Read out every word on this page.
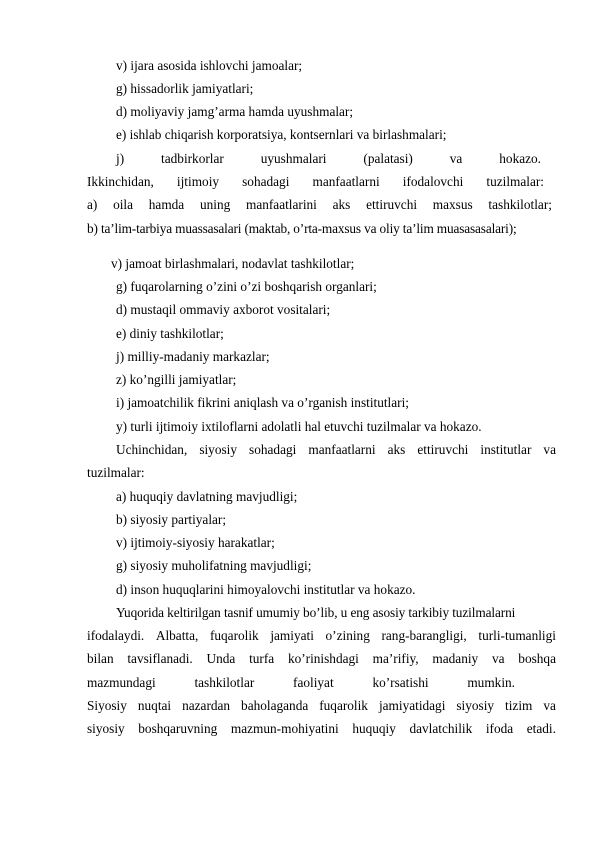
v) ijara asosida ishlovchi jamoalar;
g) hissadorlik jamiyatlari;
d) moliyaviy jamg’arma hamda uyushmalar;
e) ishlab chiqarish korporatsiya, kontsernlari va birlashmalari;
j)	tadbirkorlar	uyushmalari	(palatasi)	va	hokazo.
Ikkinchidan, ijtimoiy sohadagi manfaatlarni ifodalovchi tuzilmalar:
a) oila hamda uning manfaatlarini aks ettiruvchi maxsus tashkilotlar;
b) ta’lim-tarbiya muassasalari (maktab, o’rta-maxsus va oliy ta’lim muasasasalari);
v) jamoat birlashmalari, nodavlat tashkilotlar;
g) fuqarolarning o’zini o’zi boshqarish organlari;
d) mustaqil ommaviy axborot vositalari;
e) diniy tashkilotlar;
j) milliy-madaniy markazlar;
z) ko’ngilli jamiyatlar;
i) jamoatchilik fikrini aniqlash va o’rganish institutlari;
y) turli ijtimoiy ixtiloflarni adolatli hal etuvchi tuzilmalar va hokazo.
Uchinchidan, siyosiy sohadagi manfaatlarni aks ettiruvchi institutlar va
tuzilmalar:
a) huquqiy davlatning mavjudligi;
b) siyosiy partiyalar;
v) ijtimoiy-siyosiy harakatlar;
g) siyosiy muholifatning mavjudligi;
d) inson huquqlarini himoyalovchi institutlar va hokazo.
Yuqorida keltirilgan tasnif umumiy bo’lib, u eng asosiy tarkibiy tuzilmalarni
ifodalaydi. Albatta, fuqarolik jamiyati o’zining rang-barangligi, turli-tumanligi
bilan tavsiflanadi. Unda turfa ko’rinishdagi ma’rifiy, madaniy va boshqa
mazmundagi	tashkilotlar	faoliyat	ko’rsatishi	mumkin.
Siyosiy nuqtai nazardan baholaganda fuqarolik jamiyatidagi siyosiy tizim va
siyosiy boshqaruvning mazmun-mohiyatini huquqiy davlatchilik ifoda etadi.
